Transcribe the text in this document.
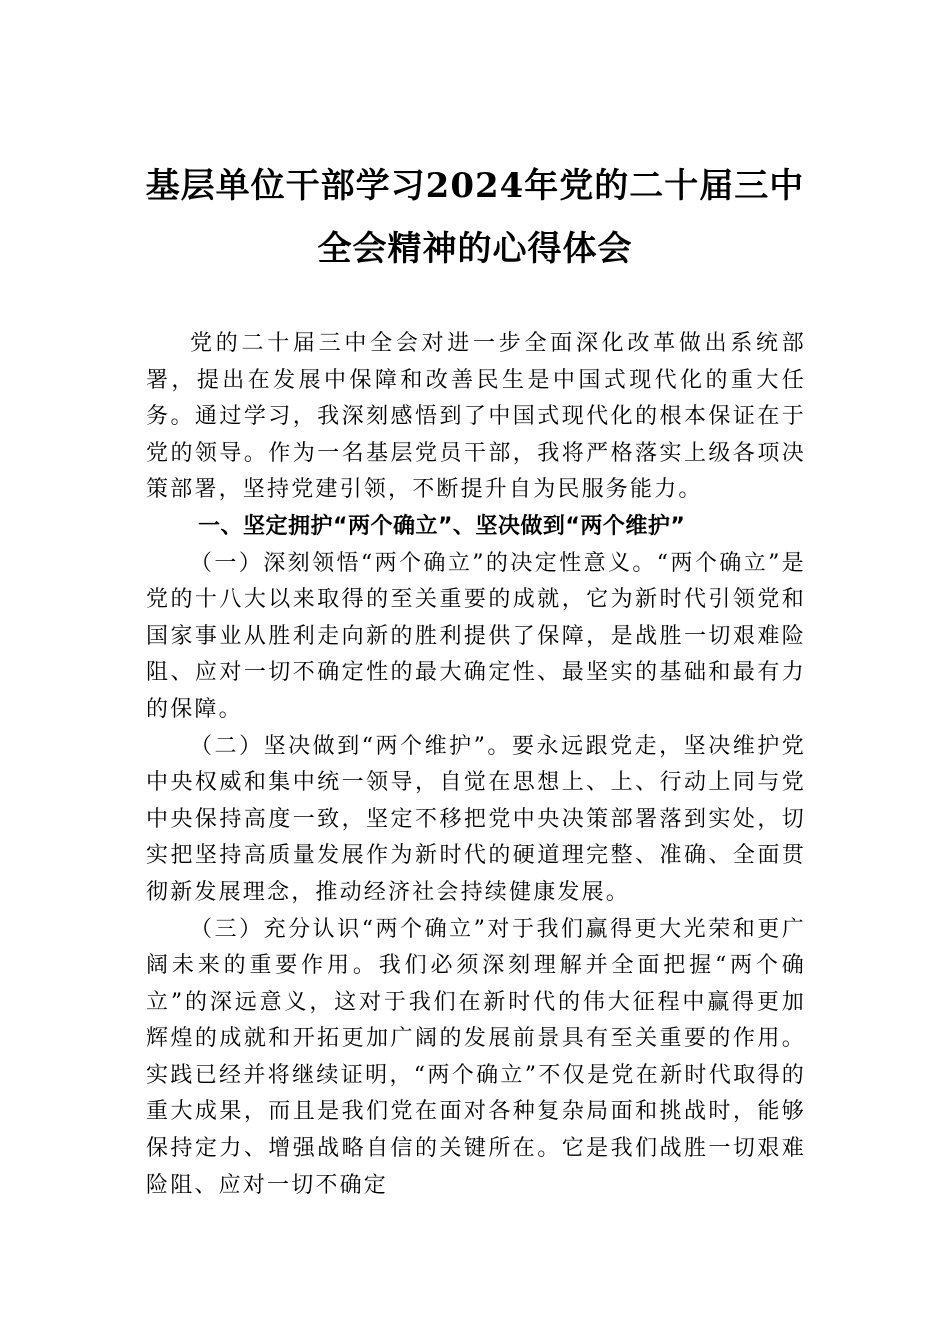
基层单位干部学习2024年党的二十届三中
全会精神的心得体会

党的二十届三中全会对进一步全面深化改革做出系统部署，提出在发展中保障和改善民生是中国式现代化的重大任务。通过学习，我深刻感悟到了中国式现代化的根本保证在于党的领导。作为一名基层党员干部，我将严格落实上级各项决策部署，坚持党建引领，不断提升自为民服务能力。

一、坚定拥护“两个确立”、坚决做到“两个维护”

（一）深刻领悟“两个确立”的决定性意义。“两个确立”是党的十八大以来取得的至关重要的成就，它为新时代引领党和国家事业从胜利走向新的胜利提供了保障，是战胜一切艰难险阻、应对一切不确定性的最大确定性、最坚实的基础和最有力的保障。

（二）坚决做到“两个维护”。要永远跟党走，坚决维护党中央权威和集中统一领导，自觉在思想上、上、行动上同与党中央保持高度一致，坚定不移把党中央决策部署落到实处，切实把坚持高质量发展作为新时代的硬道理完整、准确、全面贯彻新发展理念，推动经济社会持续健康发展。

（三）充分认识“两个确立”对于我们赢得更大光荣和更广阔未来的重要作用。我们必须深刻理解并全面把握“两个确立”的深远意义，这对于我们在新时代的伟大征程中赢得更加辉煌的成就和开拓更加广阔的发展前景具有至关重要的作用。实践已经并将继续证明，“两个确立”不仅是党在新时代取得的重大成果，而且是我们党在面对各种复杂局面和挑战时，能够保持定力、增强战略自信的关键所在。它是我们战胜一切艰难险阻、应对一切不确定
